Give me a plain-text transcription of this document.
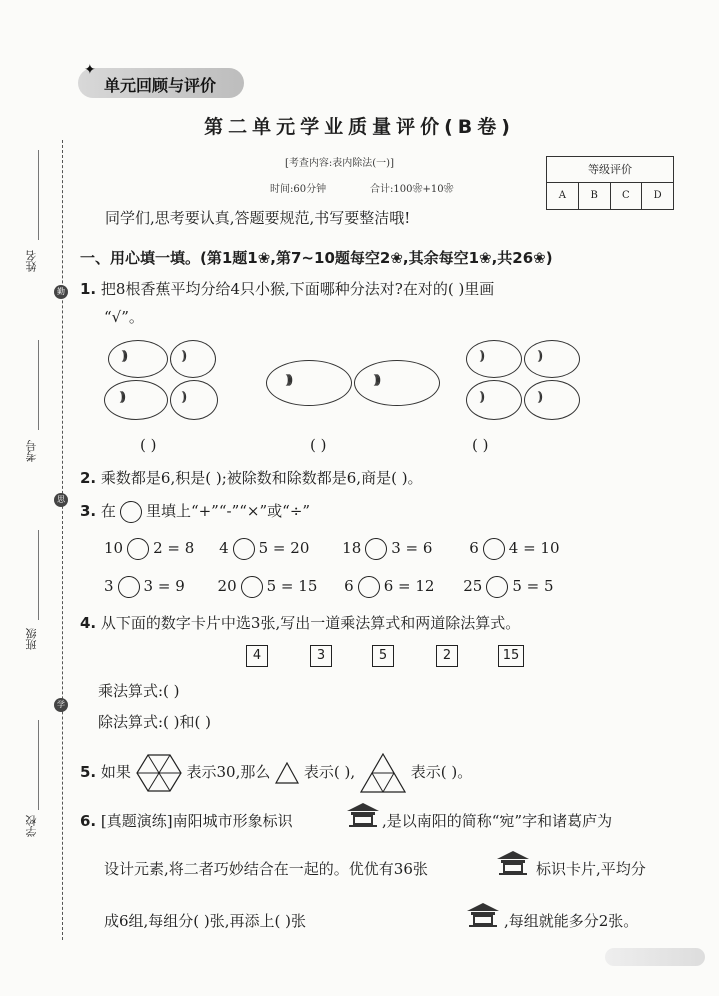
姓名
考号
班级
学校
勤
思
学
✦
单元回顾与评价
第二单元学业质量评价(B卷)
[考查内容:表内除法(一)]
时间:60分钟	合计:100❀+10❀
等级评价
A	B	C	D
同学们,思考要认真,答题要规范,书写要整洁哦!
一、用心填一填。(第1题1❀,第7~10题每空2❀,其余每空1❀,共26❀)
1. 把8根香蕉平均分给4只小猴,下面哪种分法对?在对的( )里画
“√”。
)))	))
)))	))
))))	))))
))	))
))	))
( )	( )	( )
2. 乘数都是6,积是( );被除数和除数都是6,商是( )。
3. 在 里填上“+”“-”“×”或“÷”
10 2 = 8 4 5 = 20 18 3 = 6 6 4 = 10
3 3 = 9 20 5 = 15 6 6 = 12 25 5 = 5
4. 从下面的数字卡片中选3张,写出一道乘法算式和两道除法算式。
4	3	5	2	15
乘法算式:( )
除法算式:( )和( )
5. 如果	表示30,那么 表示( ),	表示( )。
6. [真题演练]南阳城市形象标识	,是以南阳的简称“宛”字和诸葛庐为
设计元素,将二者巧妙结合在一起的。优优有36张	标识卡片,平均分
成6组,每组分( )张,再添上( )张	,每组就能多分2张。
